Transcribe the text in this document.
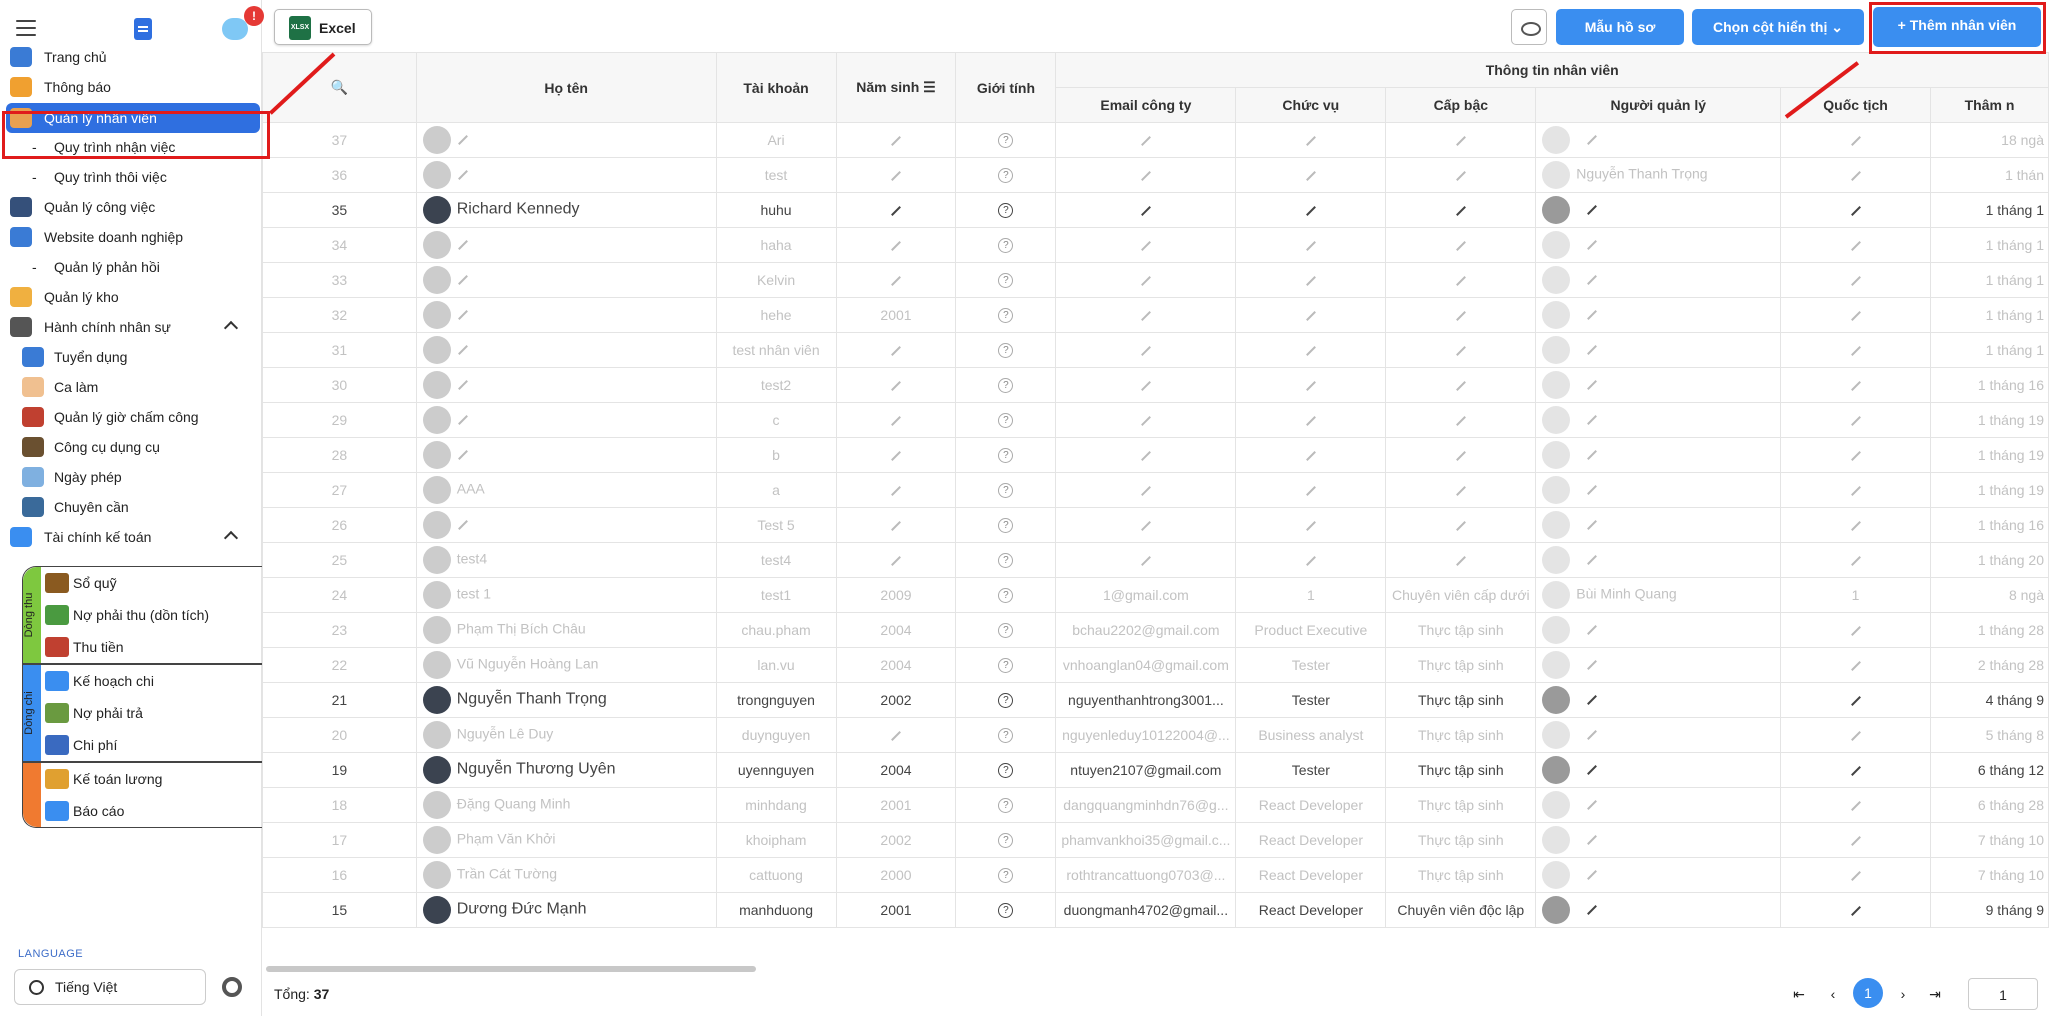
!
Trang chủ
Thông báo
Quản lý nhân viên
- Quy trình nhận việc
- Quy trình thôi việc
Quản lý công việc
Website doanh nghiệp
- Quản lý phản hồi
Quản lý kho
Hành chính nhân sự
Tuyển dụng
Ca làm
Quản lý giờ chấm công
Công cụ dụng cụ
Ngày phép
Chuyên cần
Tài chính kế toán
Dòng thu
Sổ quỹ
Nợ phải thu (dồn tích)
Thu tiền
Dòng chi
Kế hoạch chi
Nợ phải trả
Chi phí
Kế toán lương
Báo cáo
LANGUAGE
Tiếng Việt
XLSX Excel	Mẫu hồ sơ	Chọn cột hiển thị ⌄	+ Thêm nhân viên
🔍	Họ tên	Tài khoản	Năm sinh ☰	Giới tính	Thông tin nhân viên					
					Email công ty	Chức vụ	Cấp bậc	Người quản lý	Quốc tịch	Thâm n
37		Ari		?						18 ngà
36		test		?				Nguyễn Thanh Trọng		1 thán
35	Richard Kennedy	huhu		?						1 tháng 1
34		haha		?						1 tháng 1
33		Kelvin		?						1 tháng 1
32		hehe	2001	?						1 tháng 1
31		test nhân viên		?						1 tháng 1
30		test2		?						1 tháng 16
29		c		?						1 tháng 19
28		b		?						1 tháng 19
27	AAA	a		?						1 tháng 19
26		Test 5		?						1 tháng 16
25	test4	test4		?						1 tháng 20
24	test 1	test1	2009	?	1@gmail.com	1	Chuyên viên cấp dưới	Bùi Minh Quang	1	8 ngà
23	Phạm Thị Bích Châu	chau.pham	2004	?	bchau2202@gmail.com	Product Executive	Thực tập sinh			1 tháng 28
22	Vũ Nguyễn Hoàng Lan	lan.vu	2004	?	vnhoanglan04@gmail.com	Tester	Thực tập sinh			2 tháng 28
21	Nguyễn Thanh Trọng	trongnguyen	2002	?	nguyenthanhtrong3001...	Tester	Thực tập sinh			4 tháng 9
20	Nguyễn Lê Duy	duynguyen		?	nguyenleduy10122004@...	Business analyst	Thực tập sinh			5 tháng 8
19	Nguyễn Thương Uyên	uyennguyen	2004	?	ntuyen2107@gmail.com	Tester	Thực tập sinh			6 tháng 12
18	Đặng Quang Minh	minhdang	2001	?	dangquangminhdn76@g...	React Developer	Thực tập sinh			6 tháng 28
17	Phạm Văn Khởi	khoipham	2002	?	phamvankhoi35@gmail.c...	React Developer	Thực tập sinh			7 tháng 10
16	Trần Cát Tường	cattuong	2000	?	rothtrancattuong0703@...	React Developer	Thực tập sinh			7 tháng 10
15	Dương Đức Mạnh	manhduong	2001	?	duongmanh4702@gmail...	React Developer	Chuyên viên độc lập			9 tháng 9
Tổng: 37	⇤	‹	1	›	⇥	1
